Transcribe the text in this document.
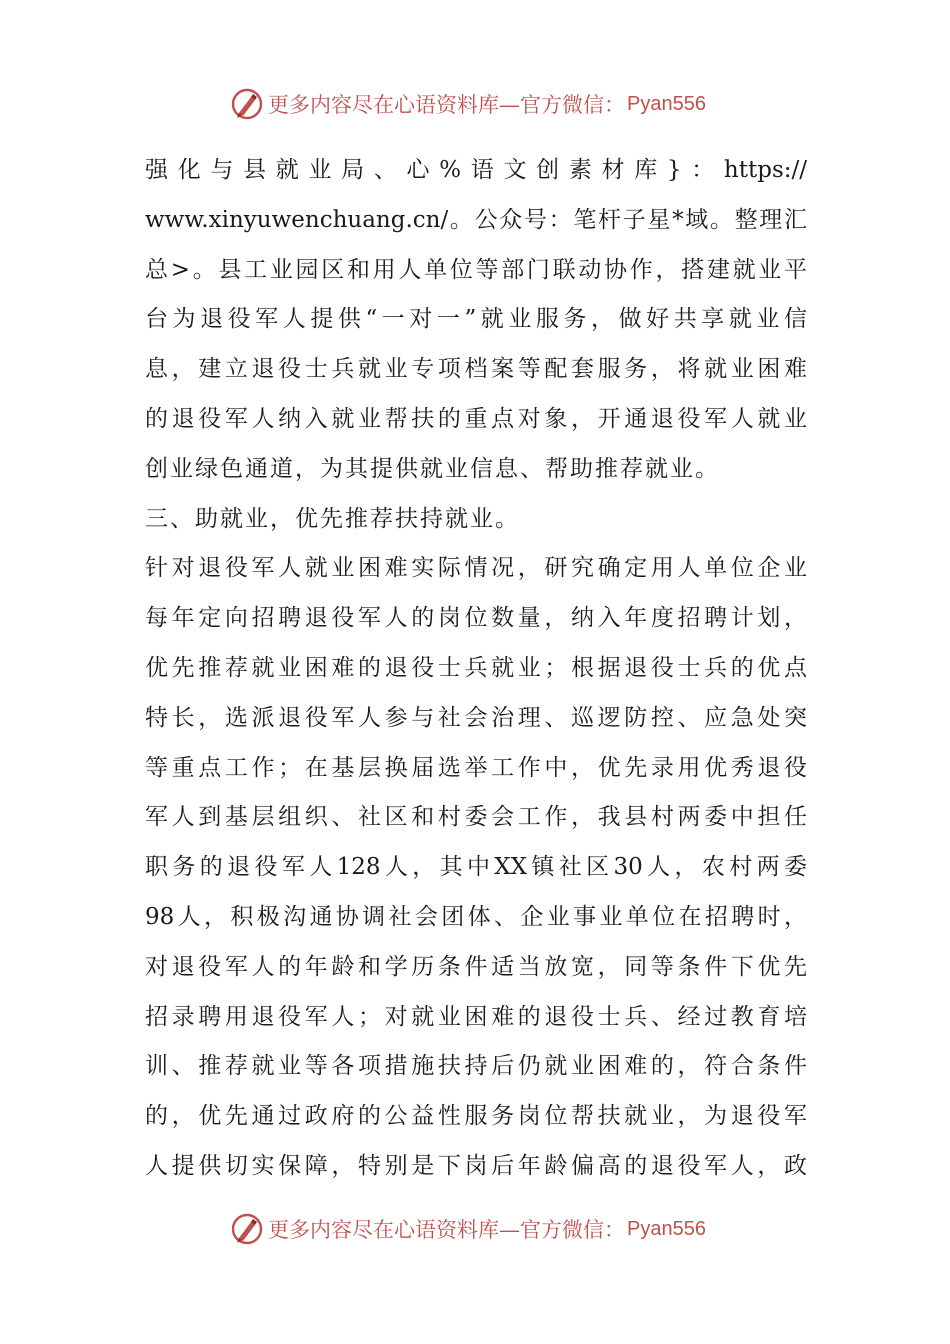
更多内容尽在心语资料库—官方微信： Pyan556
强化与县就业局、心%语文创素材库}：https://
www.xinyuwenchuang.cn/。公众号：笔杆子星*域。整理汇
总>。县工业园区和用人单位等部门联动协作，搭建就业平
台为退役军人提供“一对一”就业服务，做好共享就业信
息，建立退役士兵就业专项档案等配套服务，将就业困难
的退役军人纳入就业帮扶的重点对象，开通退役军人就业
创业绿色通道，为其提供就业信息、帮助推荐就业。
三、助就业，优先推荐扶持就业。
针对退役军人就业困难实际情况，研究确定用人单位企业
每年定向招聘退役军人的岗位数量，纳入年度招聘计划，
优先推荐就业困难的退役士兵就业；根据退役士兵的优点
特长，选派退役军人参与社会治理、巡逻防控、应急处突
等重点工作；在基层换届选举工作中，优先录用优秀退役
军人到基层组织、社区和村委会工作，我县村两委中担任
职务的退役军人128人，其中XX镇社区30人，农村两委
98人，积极沟通协调社会团体、企业事业单位在招聘时，
对退役军人的年龄和学历条件适当放宽，同等条件下优先
招录聘用退役军人；对就业困难的退役士兵、经过教育培
训、推荐就业等各项措施扶持后仍就业困难的，符合条件
的，优先通过政府的公益性服务岗位帮扶就业，为退役军
人提供切实保障，特别是下岗后年龄偏高的退役军人，政
更多内容尽在心语资料库—官方微信： Pyan556
